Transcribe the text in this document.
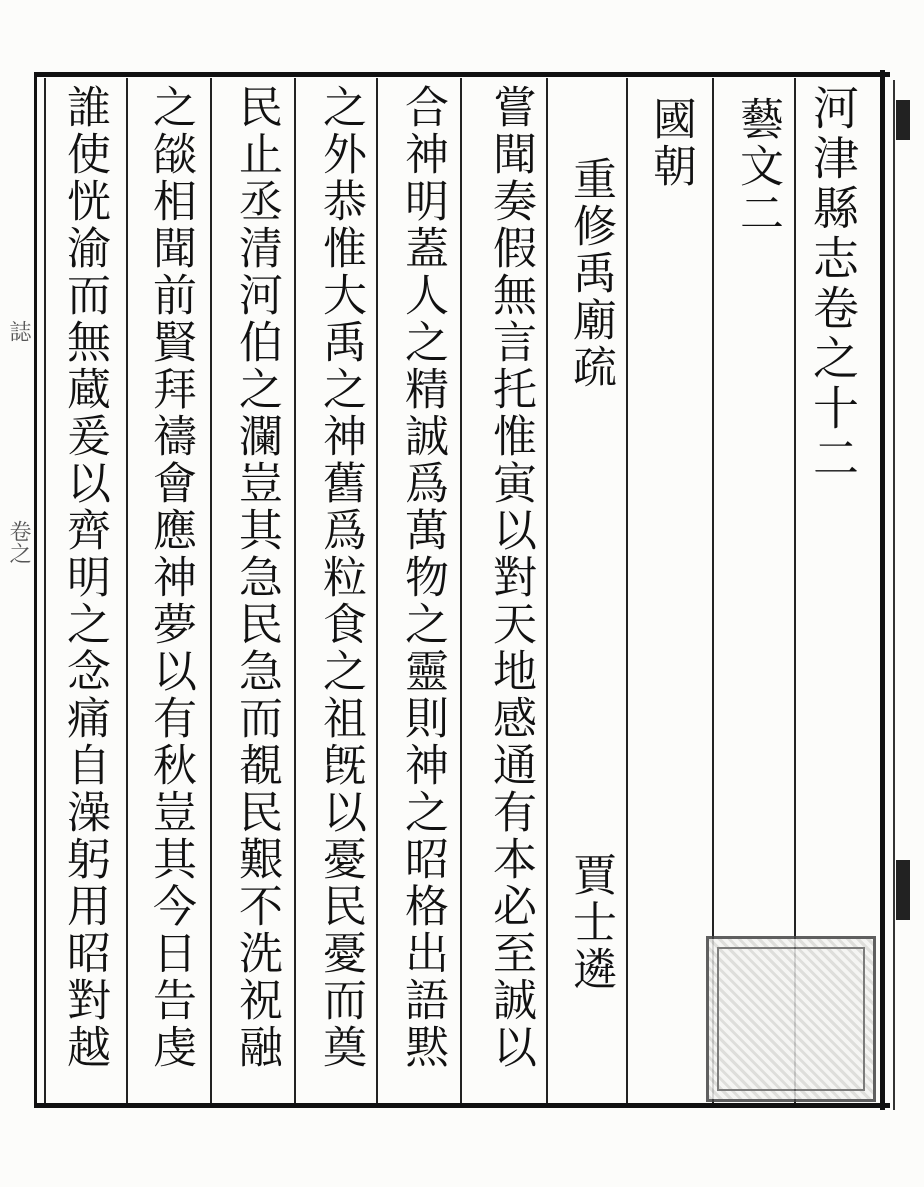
河津縣志卷之十二
藝文二
國朝
重修禹廟疏
賈士遴
嘗聞奏假無言托惟寅以對天地感通有本必至誠以
合神明蓋人之精誠爲萬物之靈則神之昭格出語黙
之外恭惟大禹之神舊爲粒食之祖旣以憂民憂而奠
民止丞清河伯之瀾豈其急民急而覩民艱不洗祝融
之燄相聞前賢拜禱會應神夢以有秋豈其今日告虔
誰使恍渝而無蔵爰以齊明之念痛自澡躬用昭對越
誌
卷之
